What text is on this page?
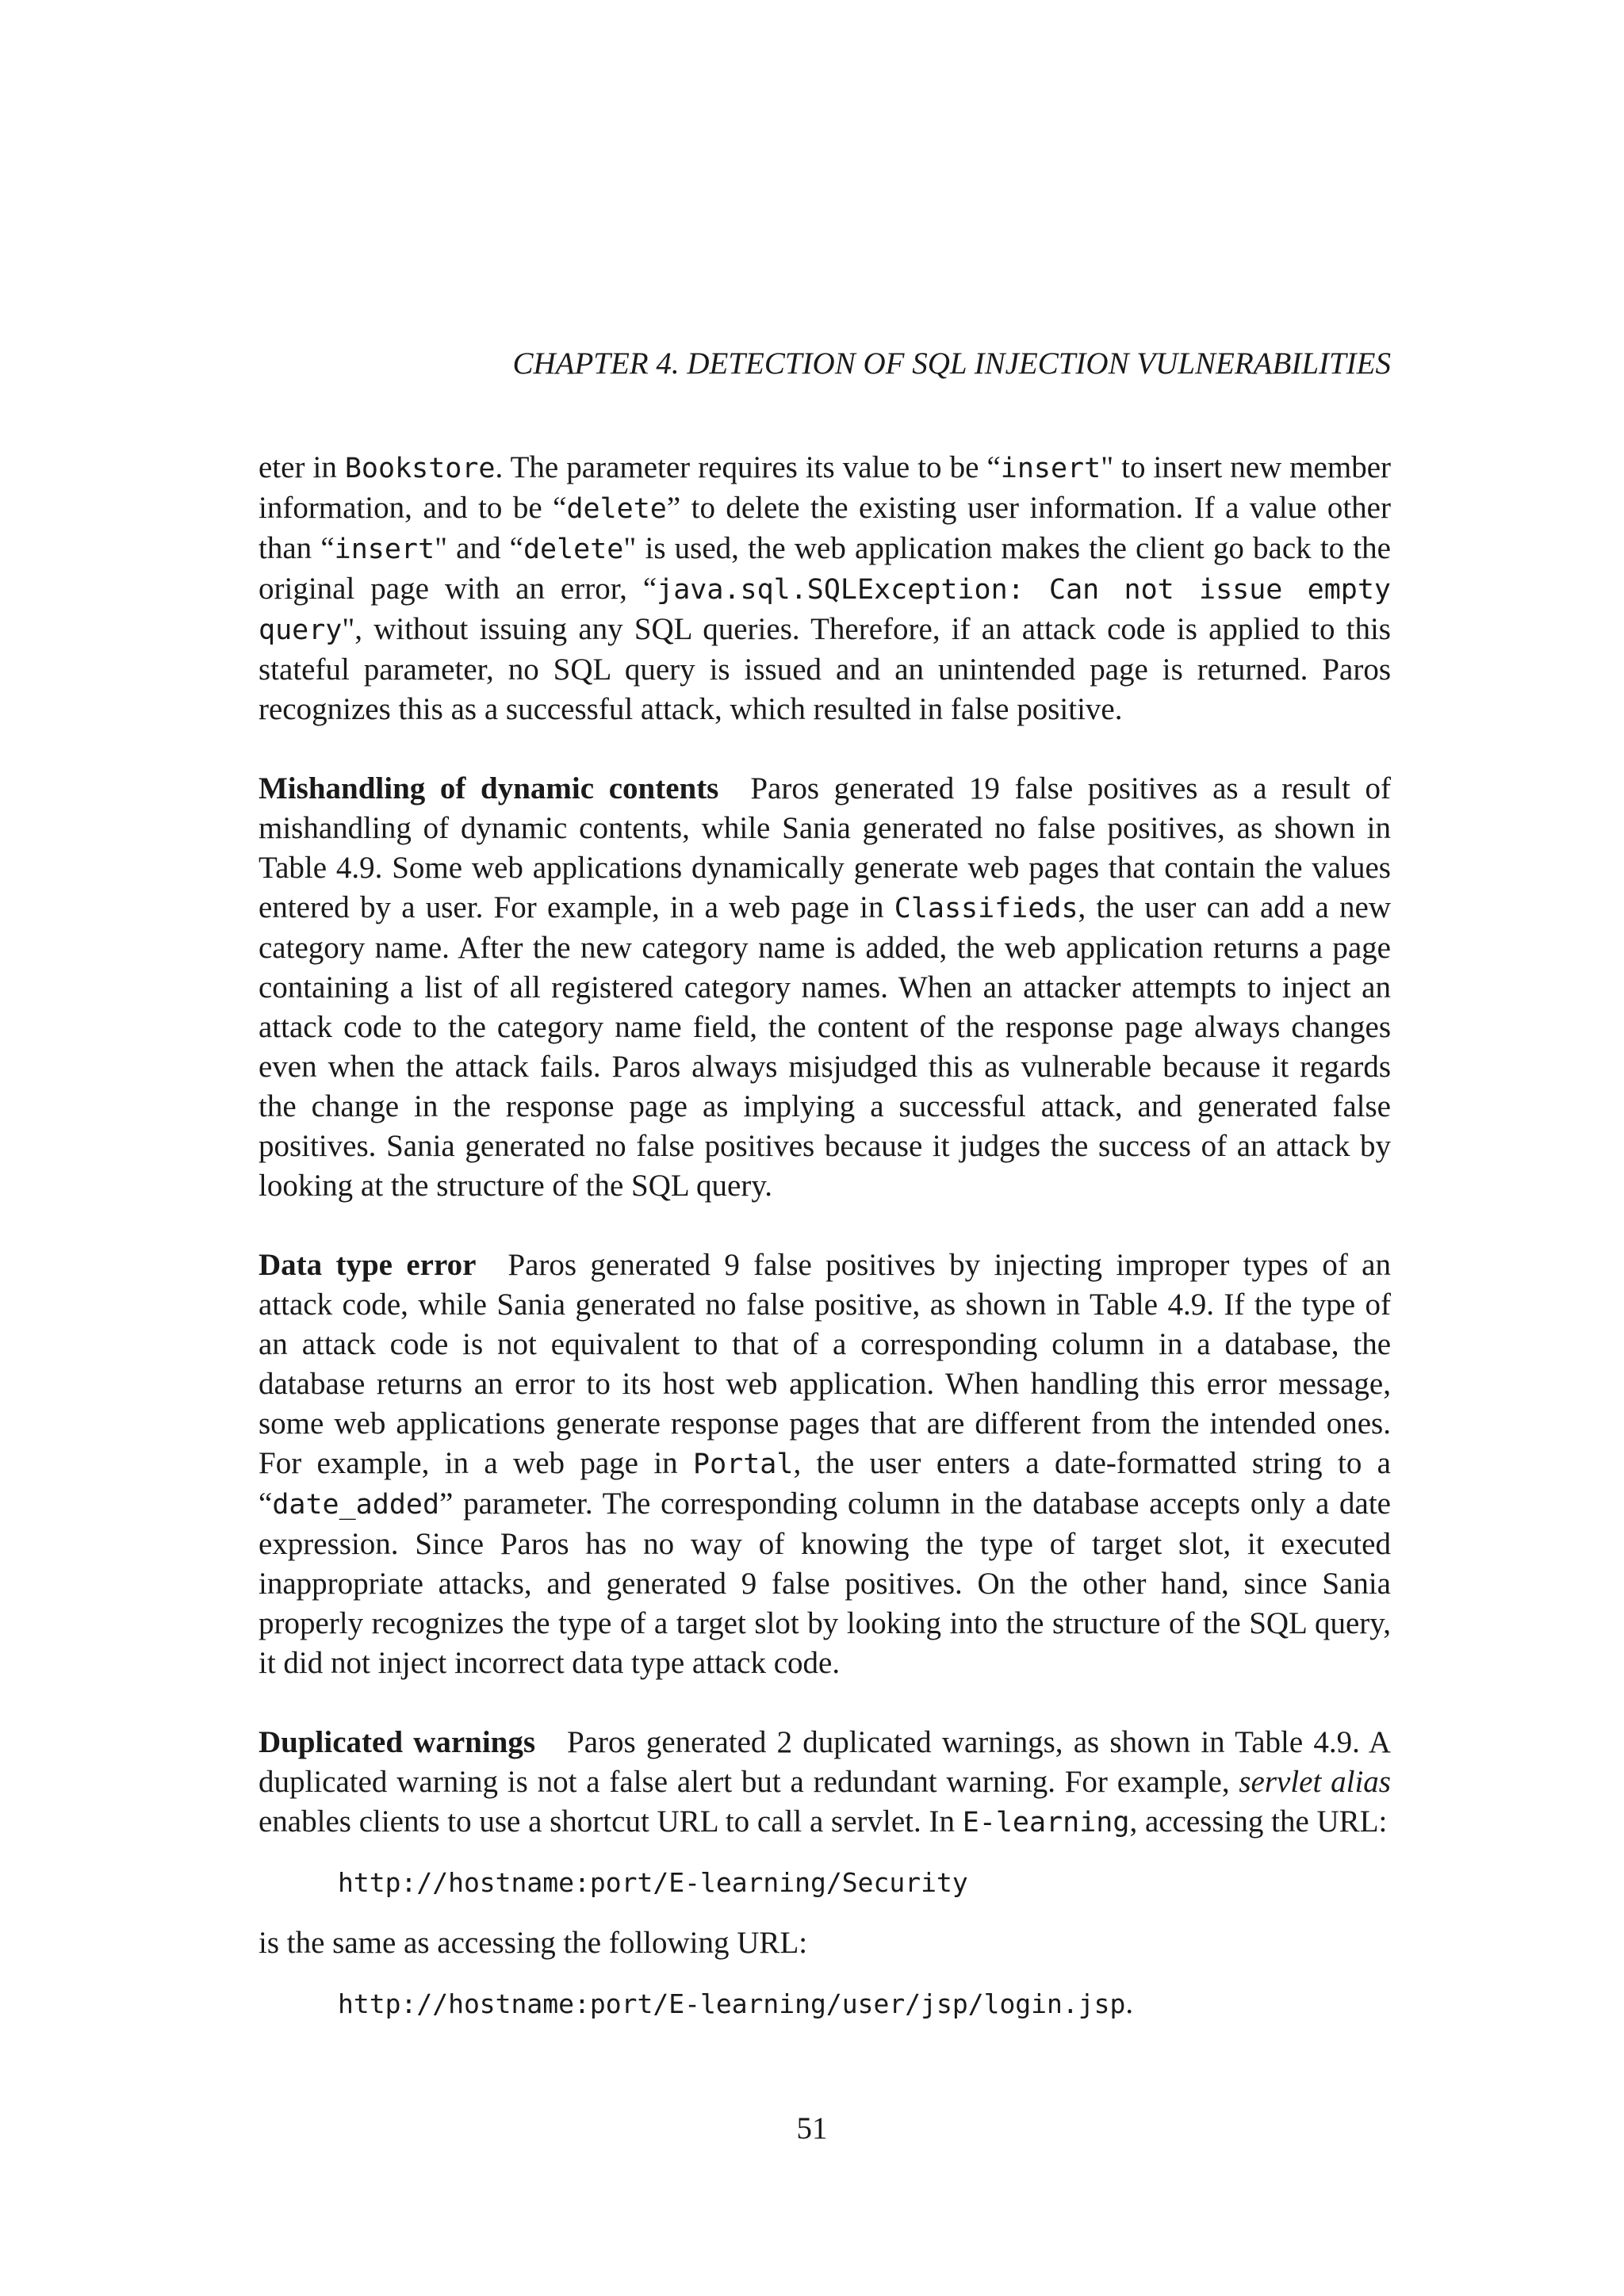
CHAPTER 4. DETECTION OF SQL INJECTION VULNERABILITIES

eter in Bookstore. The parameter requires its value to be “insert" to insert new member information, and to be “delete” to delete the existing user information. If a value other than “insert" and “delete" is used, the web application makes the client go back to the original page with an error, “java.sql.SQLException: Can not issue empty query", without issuing any SQL queries. Therefore, if an attack code is applied to this stateful parameter, no SQL query is issued and an unintended page is returned. Paros recognizes this as a successful attack, which resulted in false positive.

Mishandling of dynamic contents Paros generated 19 false positives as a result of mishandling of dynamic contents, while Sania generated no false positives, as shown in Table 4.9. Some web applications dynamically generate web pages that contain the values entered by a user. For example, in a web page in Classifieds, the user can add a new category name. After the new category name is added, the web application returns a page containing a list of all registered category names. When an attacker attempts to inject an attack code to the category name field, the content of the response page always changes even when the attack fails. Paros always misjudged this as vulnerable because it regards the change in the response page as implying a successful attack, and generated false positives. Sania generated no false positives because it judges the success of an attack by looking at the structure of the SQL query.

Data type error Paros generated 9 false positives by injecting improper types of an attack code, while Sania generated no false positive, as shown in Table 4.9. If the type of an attack code is not equivalent to that of a corresponding column in a database, the database returns an error to its host web application. When handling this error message, some web applications generate response pages that are different from the intended ones. For example, in a web page in Portal, the user enters a date-formatted string to a “date_added” parameter. The corresponding column in the database accepts only a date expression. Since Paros has no way of knowing the type of target slot, it executed inappropriate attacks, and generated 9 false positives. On the other hand, since Sania properly recognizes the type of a target slot by looking into the structure of the SQL query, it did not inject incorrect data type attack code.

Duplicated warnings Paros generated 2 duplicated warnings, as shown in Table 4.9. A duplicated warning is not a false alert but a redundant warning. For example, servlet alias enables clients to use a shortcut URL to call a servlet. In E-learning, accessing the URL:

http://hostname:port/E-learning/Security

is the same as accessing the following URL:

http://hostname:port/E-learning/user/jsp/login.jsp.
51
